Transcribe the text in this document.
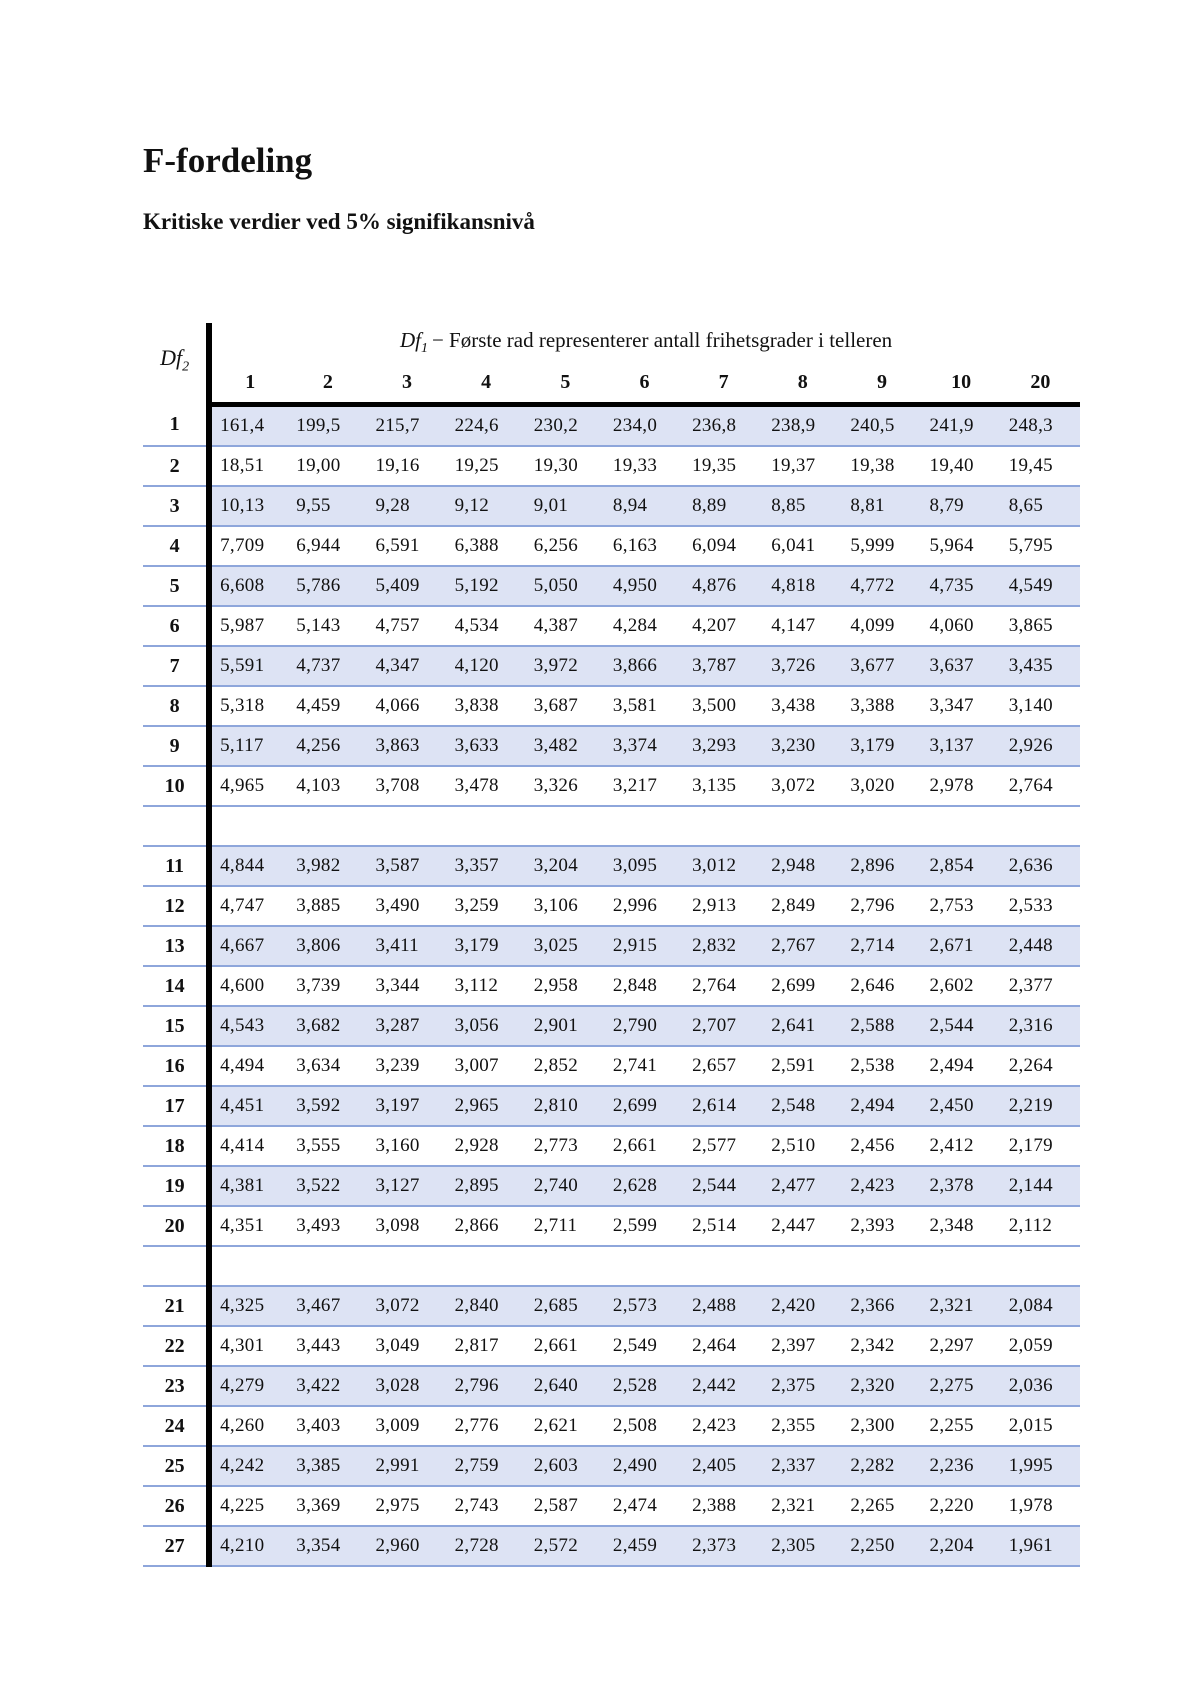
F-fordeling
Kritiske verdier ved 5% signifikansnivå
$Df_2$	$Df_1$ − Første rad representerer antall frihetsgrader i telleren										
	1	2	3	4	5	6	7	8	9	10	20
1	161,4	199,5	215,7	224,6	230,2	234,0	236,8	238,9	240,5	241,9	248,3
2	18,51	19,00	19,16	19,25	19,30	19,33	19,35	19,37	19,38	19,40	19,45
3	10,13	9,55	9,28	9,12	9,01	8,94	8,89	8,85	8,81	8,79	8,65
4	7,709	6,944	6,591	6,388	6,256	6,163	6,094	6,041	5,999	5,964	5,795
5	6,608	5,786	5,409	5,192	5,050	4,950	4,876	4,818	4,772	4,735	4,549
6	5,987	5,143	4,757	4,534	4,387	4,284	4,207	4,147	4,099	4,060	3,865
7	5,591	4,737	4,347	4,120	3,972	3,866	3,787	3,726	3,677	3,637	3,435
8	5,318	4,459	4,066	3,838	3,687	3,581	3,500	3,438	3,388	3,347	3,140
9	5,117	4,256	3,863	3,633	3,482	3,374	3,293	3,230	3,179	3,137	2,926
10	4,965	4,103	3,708	3,478	3,326	3,217	3,135	3,072	3,020	2,978	2,764

11	4,844	3,982	3,587	3,357	3,204	3,095	3,012	2,948	2,896	2,854	2,636
12	4,747	3,885	3,490	3,259	3,106	2,996	2,913	2,849	2,796	2,753	2,533
13	4,667	3,806	3,411	3,179	3,025	2,915	2,832	2,767	2,714	2,671	2,448
14	4,600	3,739	3,344	3,112	2,958	2,848	2,764	2,699	2,646	2,602	2,377
15	4,543	3,682	3,287	3,056	2,901	2,790	2,707	2,641	2,588	2,544	2,316
16	4,494	3,634	3,239	3,007	2,852	2,741	2,657	2,591	2,538	2,494	2,264
17	4,451	3,592	3,197	2,965	2,810	2,699	2,614	2,548	2,494	2,450	2,219
18	4,414	3,555	3,160	2,928	2,773	2,661	2,577	2,510	2,456	2,412	2,179
19	4,381	3,522	3,127	2,895	2,740	2,628	2,544	2,477	2,423	2,378	2,144
20	4,351	3,493	3,098	2,866	2,711	2,599	2,514	2,447	2,393	2,348	2,112

21	4,325	3,467	3,072	2,840	2,685	2,573	2,488	2,420	2,366	2,321	2,084
22	4,301	3,443	3,049	2,817	2,661	2,549	2,464	2,397	2,342	2,297	2,059
23	4,279	3,422	3,028	2,796	2,640	2,528	2,442	2,375	2,320	2,275	2,036
24	4,260	3,403	3,009	2,776	2,621	2,508	2,423	2,355	2,300	2,255	2,015
25	4,242	3,385	2,991	2,759	2,603	2,490	2,405	2,337	2,282	2,236	1,995
26	4,225	3,369	2,975	2,743	2,587	2,474	2,388	2,321	2,265	2,220	1,978
27	4,210	3,354	2,960	2,728	2,572	2,459	2,373	2,305	2,250	2,204	1,961
